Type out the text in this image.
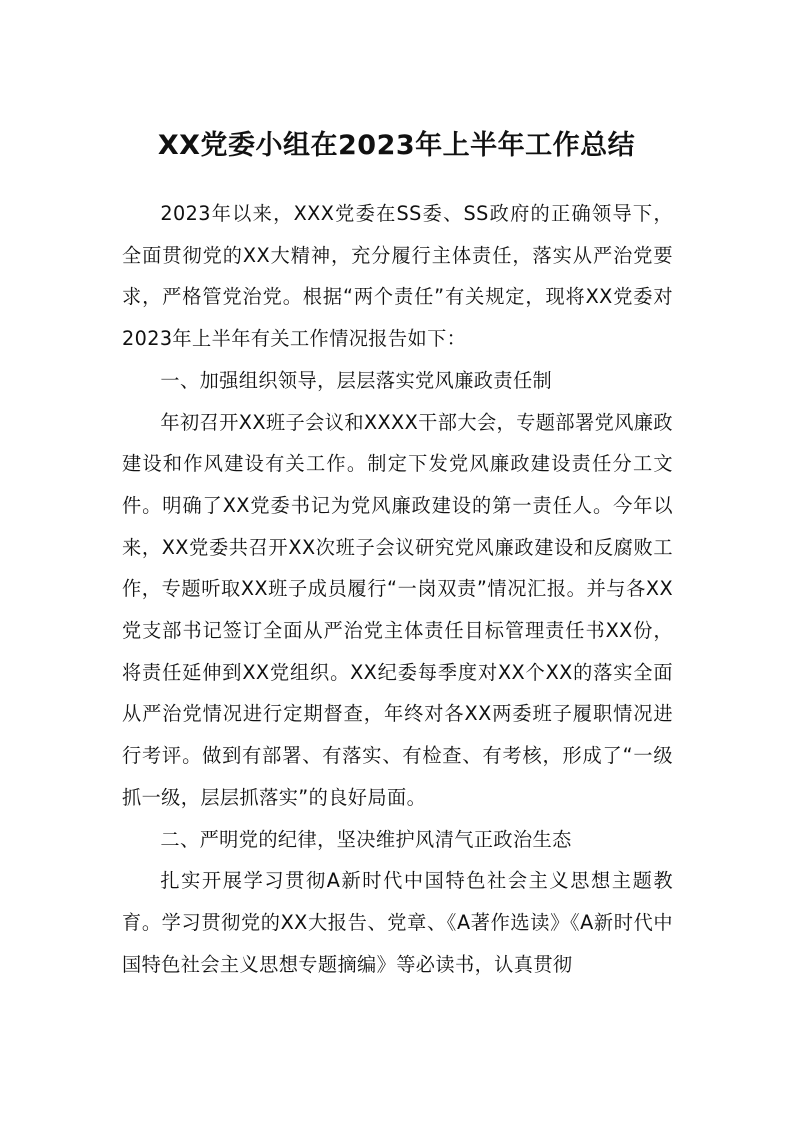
XX党委小组在2023年上半年工作总结

2023年以来，XXX党委在SS委、SS政府的正确领导下，全面贯彻党的XX大精神，充分履行主体责任，落实从严治党要求，严格管党治党。根据“两个责任”有关规定，现将XX党委对2023年上半年有关工作情况报告如下：

一、加强组织领导，层层落实党风廉政责任制

年初召开XX班子会议和XXXX干部大会，专题部署党风廉政建设和作风建设有关工作。制定下发党风廉政建设责任分工文件。明确了XX党委书记为党风廉政建设的第一责任人。今年以来，XX党委共召开XX次班子会议研究党风廉政建设和反腐败工作，专题听取XX班子成员履行“一岗双责”情况汇报。并与各XX党支部书记签订全面从严治党主体责任目标管理责任书XX份，将责任延伸到XX党组织。XX纪委每季度对XX个XX的落实全面从严治党情况进行定期督查，年终对各XX两委班子履职情况进行考评。做到有部署、有落实、有检查、有考核，形成了“一级抓一级，层层抓落实”的良好局面。

二、严明党的纪律，坚决维护风清气正政治生态

扎实开展学习贯彻A新时代中国特色社会主义思想主题教育。学习贯彻党的XX大报告、党章、《A著作选读》《A新时代中国特色社会主义思想专题摘编》等必读书，认真贯彻
